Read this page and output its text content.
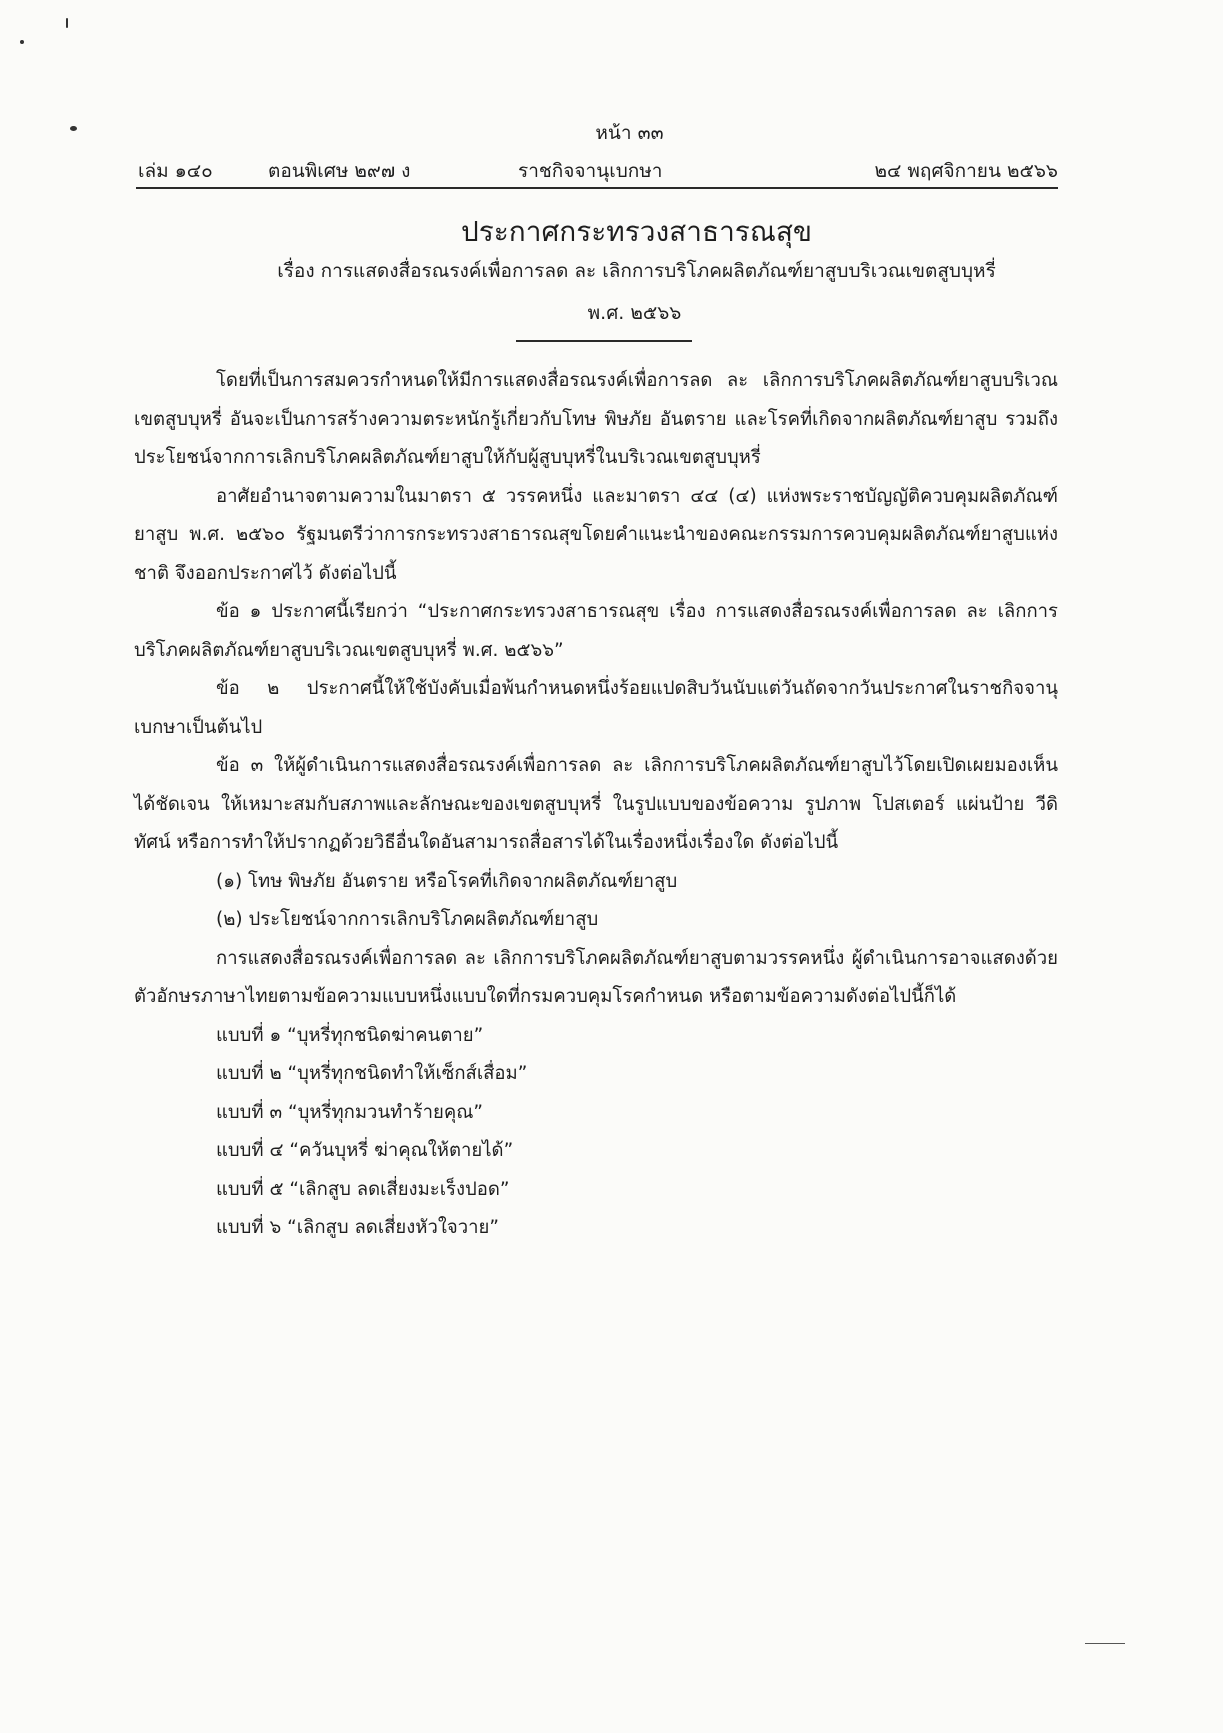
หน้า ๓๓
เล่ม ๑๔๐	ตอนพิเศษ ๒๙๗ ง	ราชกิจจานุเบกษา	๒๔ พฤศจิกายน ๒๕๖๖
ประกาศกระทรวงสาธารณสุข
เรื่อง การแสดงสื่อรณรงค์เพื่อการลด ละ เลิกการบริโภคผลิตภัณฑ์ยาสูบบริเวณเขตสูบบุหรี่
พ.ศ. ๒๕๖๖

โดยที่เป็นการสมควรกำหนดให้มีการแสดงสื่อรณรงค์เพื่อการลด ละ เลิกการบริโภคผลิตภัณฑ์ยาสูบบริเวณเขตสูบบุหรี่ อันจะเป็นการสร้างความตระหนักรู้เกี่ยวกับโทษ พิษภัย อันตราย และโรคที่เกิดจากผลิตภัณฑ์ยาสูบ รวมถึงประโยชน์จากการเลิกบริโภคผลิตภัณฑ์ยาสูบให้กับผู้สูบบุหรี่ในบริเวณเขตสูบบุหรี่

อาศัยอำนาจตามความในมาตรา ๕ วรรคหนึ่ง และมาตรา ๔๔ (๔) แห่งพระราชบัญญัติควบคุมผลิตภัณฑ์ยาสูบ พ.ศ. ๒๕๖๐ รัฐมนตรีว่าการกระทรวงสาธารณสุขโดยคำแนะนำของคณะกรรมการควบคุมผลิตภัณฑ์ยาสูบแห่งชาติ จึงออกประกาศไว้ ดังต่อไปนี้

ข้อ ๑ ประกาศนี้เรียกว่า “ประกาศกระทรวงสาธารณสุข เรื่อง การแสดงสื่อรณรงค์เพื่อการลด ละ เลิกการบริโภคผลิตภัณฑ์ยาสูบบริเวณเขตสูบบุหรี่ พ.ศ. ๒๕๖๖”

ข้อ ๒ ประกาศนี้ให้ใช้บังคับเมื่อพ้นกำหนดหนึ่งร้อยแปดสิบวันนับแต่วันถัดจากวันประกาศในราชกิจจานุเบกษาเป็นต้นไป

ข้อ ๓ ให้ผู้ดำเนินการแสดงสื่อรณรงค์เพื่อการลด ละ เลิกการบริโภคผลิตภัณฑ์ยาสูบไว้โดยเปิดเผยมองเห็นได้ชัดเจน ให้เหมาะสมกับสภาพและลักษณะของเขตสูบบุหรี่ ในรูปแบบของข้อความ รูปภาพ โปสเตอร์ แผ่นป้าย วีดิทัศน์ หรือการทำให้ปรากฏด้วยวิธีอื่นใดอันสามารถสื่อสารได้ในเรื่องหนึ่งเรื่องใด ดังต่อไปนี้

(๑) โทษ พิษภัย อันตราย หรือโรคที่เกิดจากผลิตภัณฑ์ยาสูบ

(๒) ประโยชน์จากการเลิกบริโภคผลิตภัณฑ์ยาสูบ

การแสดงสื่อรณรงค์เพื่อการลด ละ เลิกการบริโภคผลิตภัณฑ์ยาสูบตามวรรคหนึ่ง ผู้ดำเนินการอาจแสดงด้วยตัวอักษรภาษาไทยตามข้อความแบบหนึ่งแบบใดที่กรมควบคุมโรคกำหนด หรือตามข้อความดังต่อไปนี้ก็ได้

แบบที่ ๑ “บุหรี่ทุกชนิดฆ่าคนตาย”

แบบที่ ๒ “บุหรี่ทุกชนิดทำให้เซ็กส์เสื่อม”

แบบที่ ๓ “บุหรี่ทุกมวนทำร้ายคุณ”

แบบที่ ๔ “ควันบุหรี่ ฆ่าคุณให้ตายได้”

แบบที่ ๕ “เลิกสูบ ลดเสี่ยงมะเร็งปอด”

แบบที่ ๖ “เลิกสูบ ลดเสี่ยงหัวใจวาย”
